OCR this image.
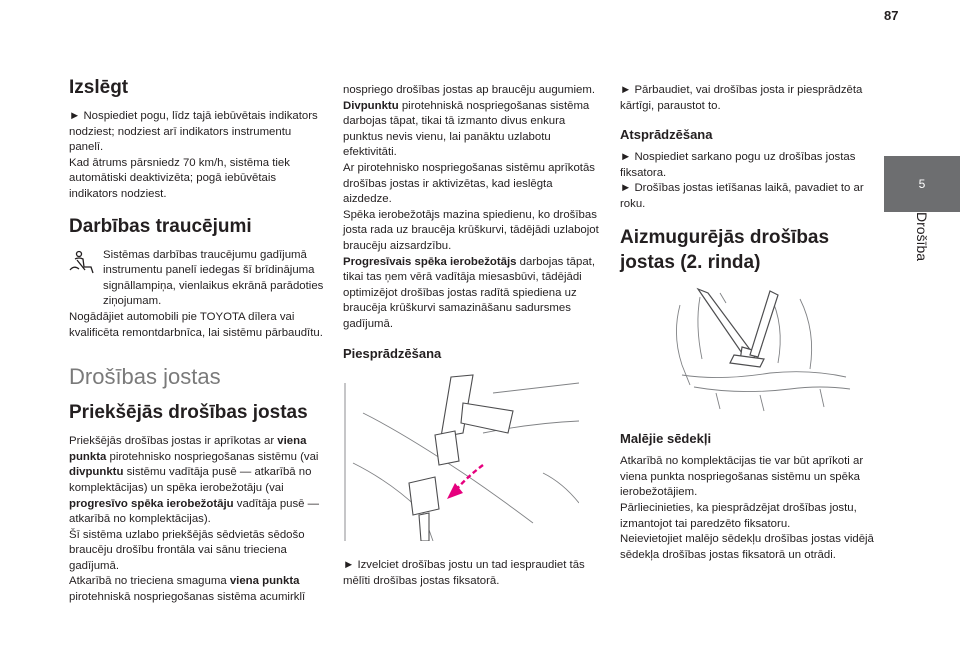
87
5
Drošība
Izslēgt

► Nospiediet pogu, līdz tajā iebūvētais indikators nodziest; nodziest arī indikators instrumentu panelī.

Kad ātrums pārsniedz 70 km/h, sistēma tiek automātiski deaktivizēta; pogā iebūvētais indikators nodziest.

Darbības traucējumi

Sistēmas darbības traucējumu gadījumā instrumentu panelī iedegas šī brīdinājuma signāllampiņa, vienlaikus ekrānā parādoties ziņojumam.

Nogādājiet automobili pie TOYOTA dīlera vai kvalificēta remontdarbnīca, lai sistēmu pārbaudītu.

Drošības jostas
Priekšējās drošības jostas

Priekšējās drošības jostas ir aprīkotas ar viena punkta pirotehnisko nospriegošanas sistēmu (vai divpunktu sistēmu vadītāja pusē — atkarībā no komplektācijas) un spēka ierobežotāju (vai progresīvo spēka ierobežotāju vadītāja pusē — atkarībā no komplektācijas).

Šī sistēma uzlabo priekšējās sēdvietās sēdošo braucēju drošību frontāla vai sānu trieciena gadījumā.

Atkarībā no trieciena smaguma viena punkta pirotehniskā nospriegošanas sistēma acumirklī

nospriego drošības jostas ap braucēju augumiem.

Divpunktu pirotehniskā nospriegošanas sistēma darbojas tāpat, tikai tā izmanto divus enkura punktus nevis vienu, lai panāktu uzlabotu efektivitāti.

Ar pirotehnisko nospriegošanas sistēmu aprīkotās drošības jostas ir aktivizētas, kad ieslēgta aizdedze.

Spēka ierobežotājs mazina spiedienu, ko drošības josta rada uz braucēja krūškurvi, tādējādi uzlabojot braucēju aizsardzību.

Progresīvais spēka ierobežotājs darbojas tāpat, tikai tas ņem vērā vadītāja miesasbūvi, tādējādi optimizējot drošības jostas radītā spiediena uz braucēja krūškurvi samazināšanu sadursmes gadījumā.

Piesprādzēšana

► Izvelciet drošības jostu un tad iespraudiet tās mēlīti drošības jostas fiksatorā.

► Pārbaudiet, vai drošības josta ir piesprādzēta kārtīgi, paraustot to.

Atsprādzēšana

► Nospiediet sarkano pogu uz drošības jostas fiksatora.

► Drošības jostas ietīšanas laikā, pavadiet to ar roku.

Aizmugurējās drošības jostas (2. rinda)
Malējie sēdekļi

Atkarībā no komplektācijas tie var būt aprīkoti ar viena punkta nospriegošanas sistēmu un spēka ierobežotājiem.

Pārliecinieties, ka piesprādzējat drošības jostu, izmantojot tai paredzēto fiksatoru.

Neievietojiet malējo sēdekļu drošības jostas vidējā sēdekļa drošības jostas fiksatorā un otrādi.
